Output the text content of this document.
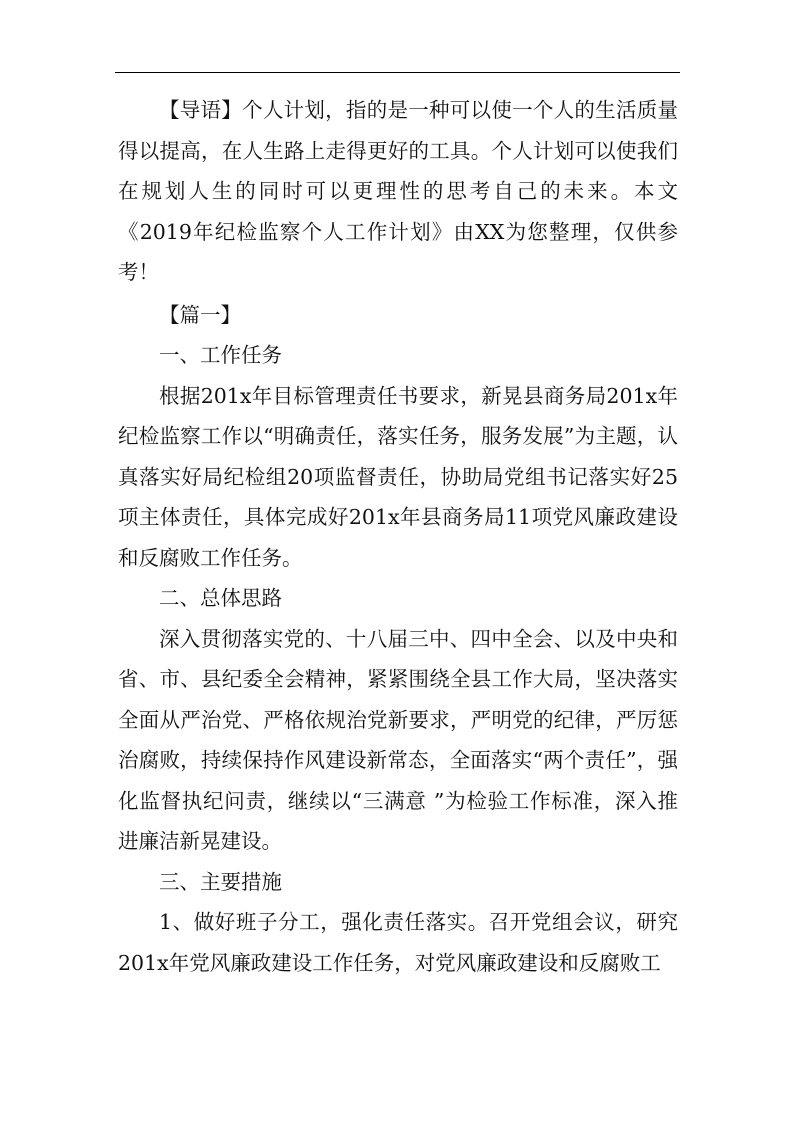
【导语】个人计划，指的是一种可以使一个人的生活质量得以提高，在人生路上走得更好的工具。个人计划可以使我们在规划人生的同时可以更理性的思考自己的未来。本文《2019年纪检监察个人工作计划》由XX为您整理，仅供参考！

【篇一】

一、工作任务

根据201x年目标管理责任书要求，新晃县商务局201x年纪检监察工作以“明确责任，落实任务，服务发展”为主题，认真落实好局纪检组20项监督责任，协助局党组书记落实好25项主体责任，具体完成好201x年县商务局11项党风廉政建设和反腐败工作任务。

二、总体思路

深入贯彻落实党的、十八届三中、四中全会、以及中央和省、市、县纪委全会精神，紧紧围绕全县工作大局，坚决落实全面从严治党、严格依规治党新要求，严明党的纪律，严厉惩治腐败，持续保持作风建设新常态，全面落实“两个责任”，强化监督执纪问责，继续以“三满意 ”为检验工作标准，深入推进廉洁新晃建设。

三、主要措施

1、做好班子分工，强化责任落实。召开党组会议，研究201x年党风廉政建设工作任务，对党风廉政建设和反腐败工
